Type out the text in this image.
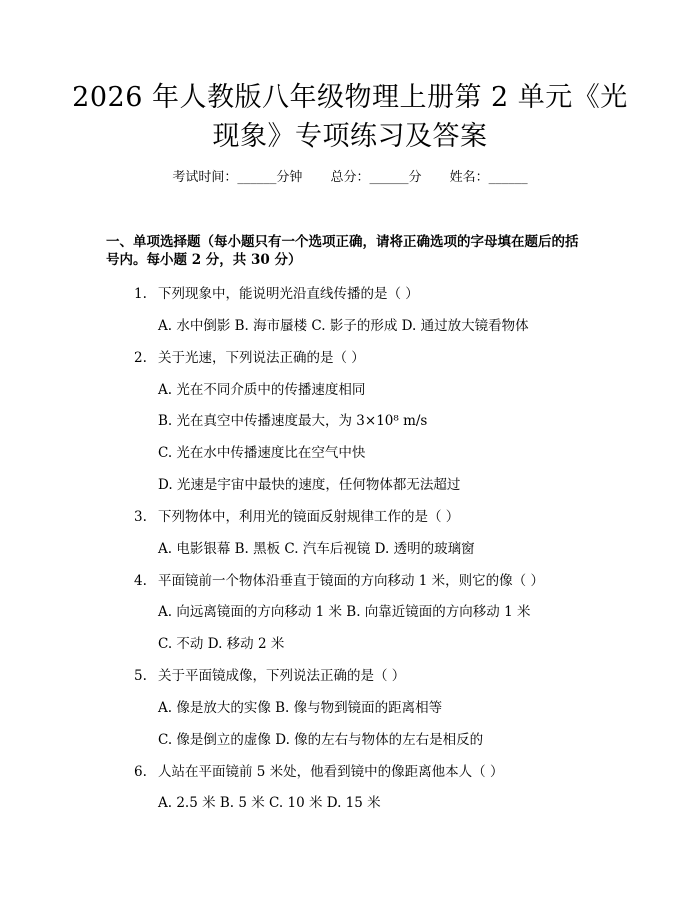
2026 年人教版八年级物理上册第 2 单元《光
现象》专项练习及答案
考试时间：______分钟 总分：______分 姓名：______
一、单项选择题（每小题只有一个选项正确，请将正确选项的字母填在题后的括
号内。每小题 2 分，共 30 分）
1. 下列现象中，能说明光沿直线传播的是（ ）
A. 水中倒影 B. 海市蜃楼 C. 影子的形成 D. 通过放大镜看物体
2. 关于光速，下列说法正确的是（ ）
A. 光在不同介质中的传播速度相同
B. 光在真空中传播速度最大，为 3×10⁸ m/s
C. 光在水中传播速度比在空气中快
D. 光速是宇宙中最快的速度，任何物体都无法超过
3. 下列物体中，利用光的镜面反射规律工作的是（ ）
A. 电影银幕 B. 黑板 C. 汽车后视镜 D. 透明的玻璃窗
4. 平面镜前一个物体沿垂直于镜面的方向移动 1 米，则它的像（ ）
A. 向远离镜面的方向移动 1 米 B. 向靠近镜面的方向移动 1 米
C. 不动 D. 移动 2 米
5. 关于平面镜成像，下列说法正确的是（ ）
A. 像是放大的实像 B. 像与物到镜面的距离相等
C. 像是倒立的虚像 D. 像的左右与物体的左右是相反的
6. 人站在平面镜前 5 米处，他看到镜中的像距离他本人（ ）
A. 2.5 米 B. 5 米 C. 10 米 D. 15 米
